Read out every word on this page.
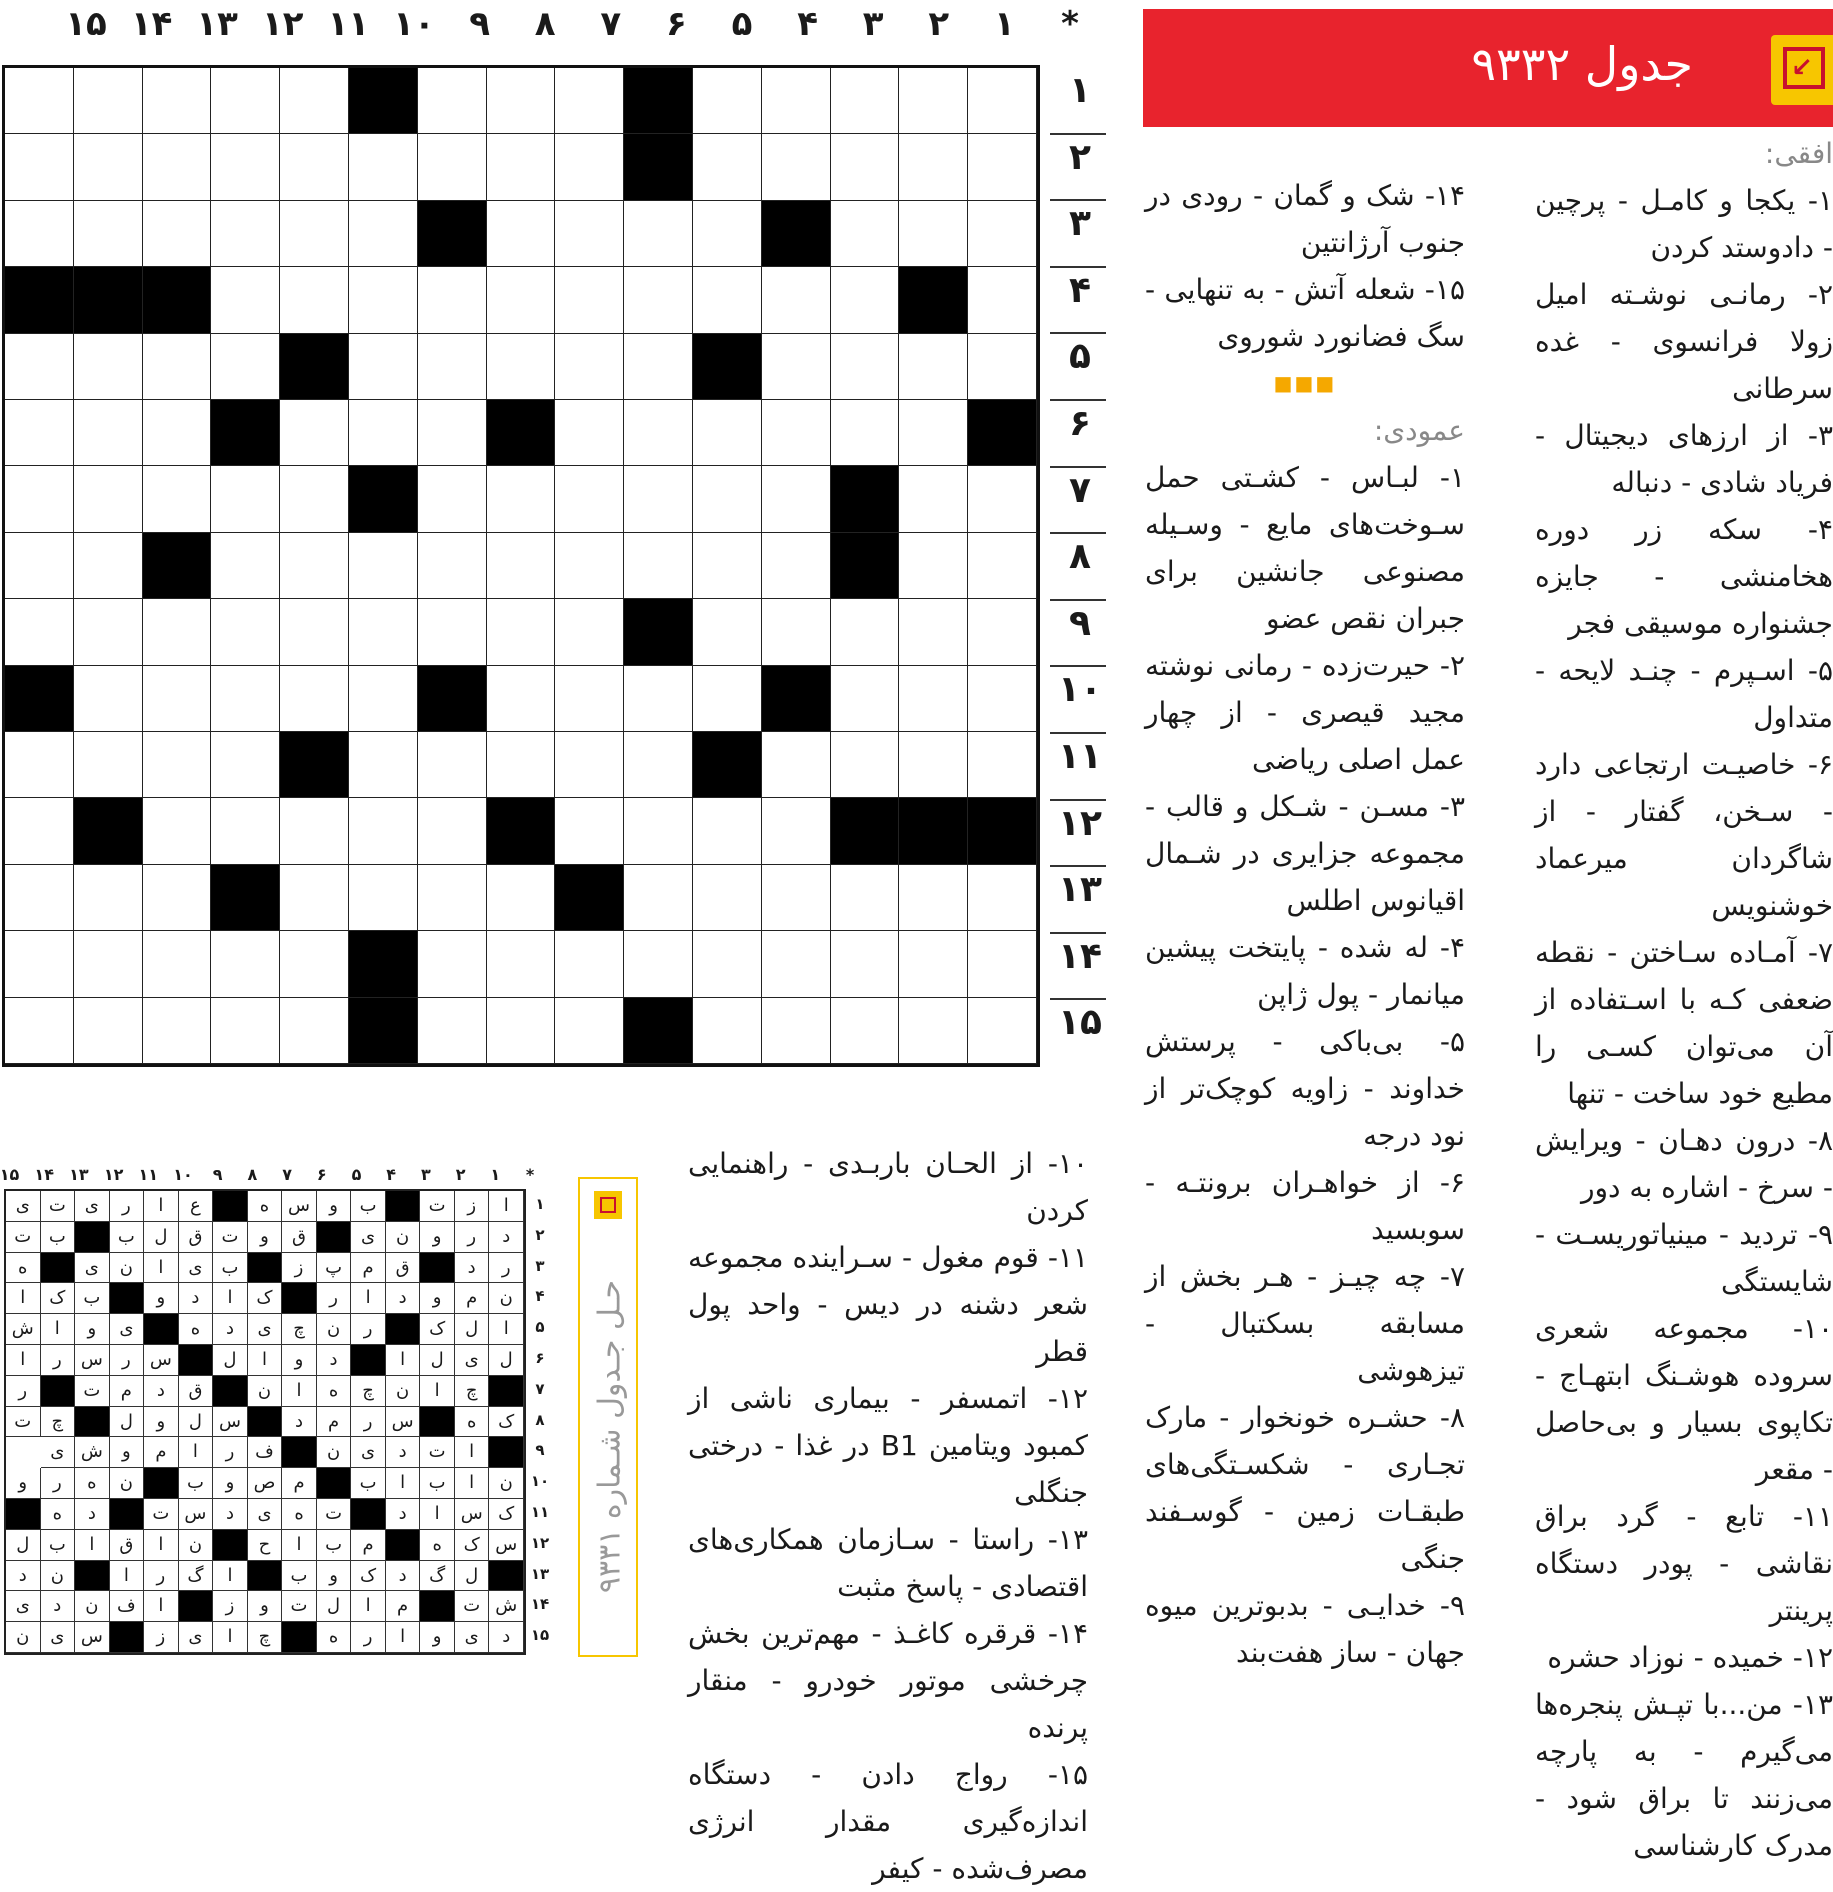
*
۱
۲
۳
۴
۵
۶
۷
۸
۹
۱۰
۱۱
۱۲
۱۳
۱۴
۱۵
۱
۲
۳
۴
۵
۶
۷
۸
۹
۱۰
۱۱
۱۲
۱۳
۱۴
۱۵
جدول ۹۳۳۲	↙

افقی:

۱- یکجا و کامـل - پرچین - دادوستد کردن

۲- رمانـی نوشـته امیل زولا فرانسوی - غده سرطانی

۳- از ارزهای دیجیتال - فریاد شادی - دنباله

۴- سکه زر دوره هخامنشی - جایزه جشنواره موسیقی فجر

۵- اسـپرم - چنـد لایحه - متداول

۶- خاصیـت ارتجاعی دارد - سـخن، گفتار - از شاگردان میرعماد خوشنویس

۷- آمـاده سـاختن - نقطه ضعفی کـه با اسـتفاده از آن می‌توان کسـی را مطیع خود ساخت - تنها

۸- درون دهـان - ویرایش - سرخ - اشاره به دور

۹- تردید - مینیاتوریسـت - شایستگی

۱۰- مجموعه شعری سروده هوشـنگ ابتهـاج - تکاپوی بسیار و بی‌حاصل - مقعر

۱۱- تابع - گرد براق نقاشی - پودر دستگاه پرینتر

۱۲- خمیده - نوزاد حشره

۱۳- من...با تپـش پنجره‌ها می‌گیرم - به پارچه می‌زنند تا براق شود - مدرک کارشناسی

۱۴- شک و گمان - رودی در جنوب آرژانتین

۱۵- شعله آتش - به تنهایی - سگ فضانورد شوروی

■■■

عمودی:

۱- لبـاس - کشـتی حمل سـوخت‌های مایع - وسـیله مصنوعی جانشین برای جبران نقص عضو

۲- حیرت‌زده - رمانی نوشته مجید قیصری - از چهار عمل اصلی ریاضی

۳- مسـن - شـکل و قالب - مجموعه جزایری در شـمال اقیانوس اطلس

۴- له شده - پایتخت پیشین میانمار - پول ژاپن

۵- بی‌باکی - پرستش خداوند - زاویه کوچک‌تر از نود درجه

۶- از خواهـران برونتـه - سوبسید

۷- چه چیـز - هـر بخش از مسابقه بسکتبال - تیزهوشی

۸- حشـره خونخوار - مارک تجـاری - شکسـتگی‌های طبقـات زمین - گوسـفند جنگی

۹- خدایـی - بدبوترین میوه جهان - ساز هفت‌بند

۱۰- از الحـان باربـدی - راهنمایی کردن

۱۱- قوم مغول - سـراینده مجموعه شعر دشنه در دیس - واحد پول قطر

۱۲- اتمسفر - بیماری ناشی از کمبود ویتامین B1 در غذا - درختی جنگلی

۱۳- راستا - سـازمان همکاری‌های اقتصادی - پاسخ مثبت

۱۴- قرقره کاغـذ - مهم‌ترین بخش چرخشی موتور خودرو - منقار پرنده

۱۵- رواج دادن - دستگاه اندازه‌گیری مقدار انرژی مصرف‌شده - کیفر

حـل جـدول شـماره ۹۳۳۱
*
۱
۲
۳
۴
۵
۶
۷
۸
۹
۱۰
۱۱
۱۲
۱۳
۱۴
۱۵
ا
ز
ت
ب
و
س
ه
ع
ا
ر
ی
ت
ی
د
ر
و
ن
ی
ق
و
ت
ق
ل
ب
ب
ت
ر
د
ق
م
پ
ز
ب
ی
ا
ن
ی
ه
ن
م
و
د
ا
ر
ک
ا
د
و
ب
ک
ا
ا
ل
ک
ر
ن
چ
ی
د
ه
ی
و
ا
ش
ل
ی
ل
ا
د
و
ا
ل
س
ر
س
ر
ا
چ
ا
ن
چ
ه
ا
ن
ق
د
م
ت
ر
ک
ه
س
ر
م
د
س
ل
و
ل
چ
ت
ا
ت
د
ی
ن
ف
ر
ا
م
و
ش
ی
ن
ا
ب
ا
ب
م
ص
و
ب
ن
ه
ر
و
ک
س
ا
د
ت
ه
ی
د
س
ت
د
ه
س
ک
ه
م
ب
ا
ح
ن
ا
ق
ا
ب
ل
ل
گ
د
ک
و
ب
ا
گ
ر
ا
ن
د
ش
ت
م
ا
ل
ت
و
ز
ا
ف
ن
د
ی
د
ی
و
ا
ر
ه
چ
ا
ی
ز
س
ی
ن
۱
۲
۳
۴
۵
۶
۷
۸
۹
۱۰
۱۱
۱۲
۱۳
۱۴
۱۵
